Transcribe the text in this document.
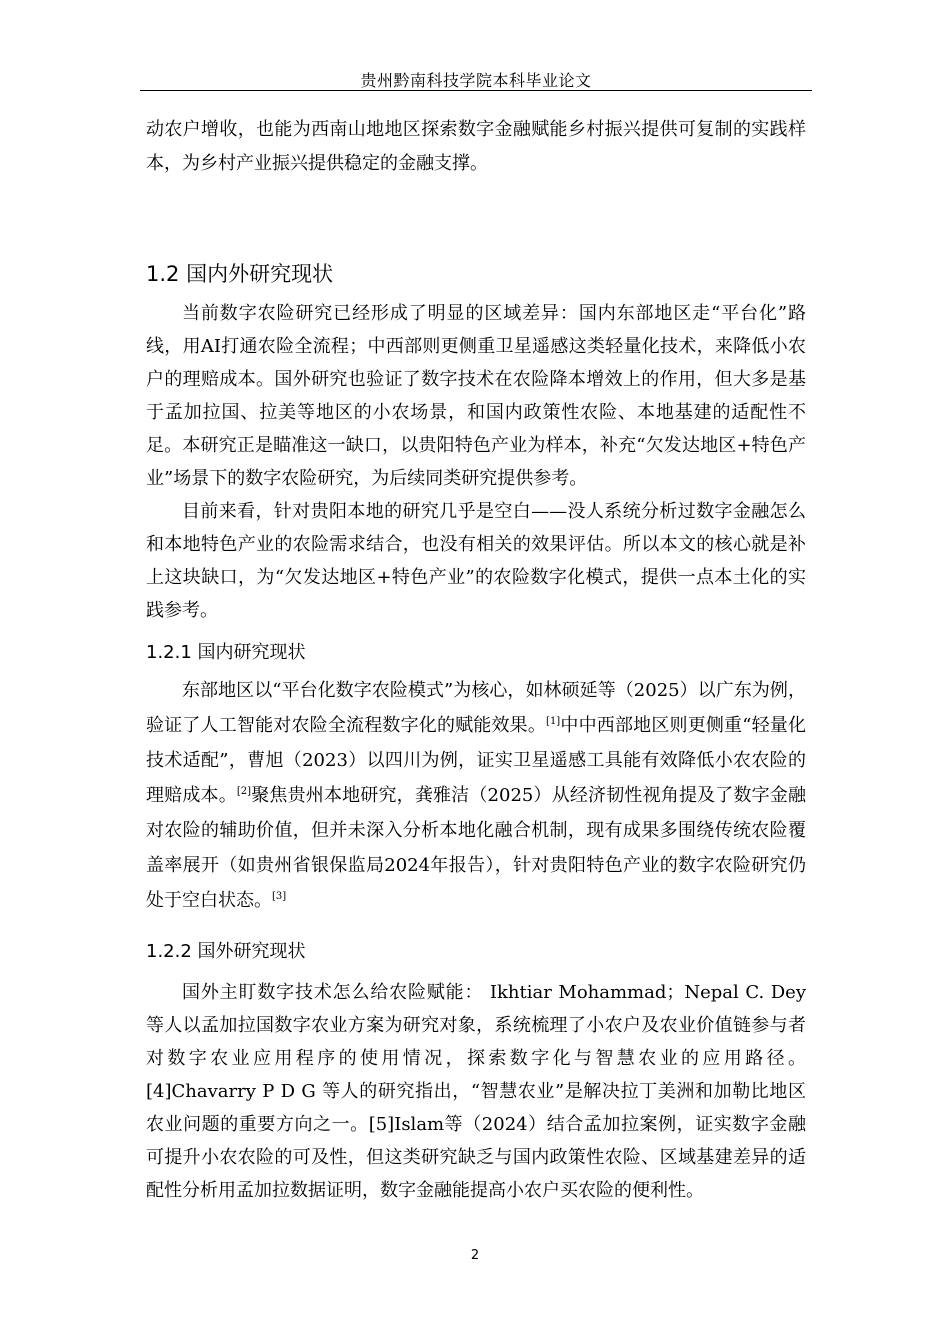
贵州黔南科技学院本科毕业论文

动农户增收，也能为西南山地地区探索数字金融赋能乡村振兴提供可复制的实践样本，为乡村产业振兴提供稳定的金融支撑。

1.2 国内外研究现状

当前数字农险研究已经形成了明显的区域差异：国内东部地区走“平台化”路线，用AI打通农险全流程；中西部则更侧重卫星遥感这类轻量化技术，来降低小农户的理赔成本。国外研究也验证了数字技术在农险降本增效上的作用，但大多是基于孟加拉国、拉美等地区的小农场景，和国内政策性农险、本地基建的适配性不足。本研究正是瞄准这一缺口，以贵阳特色产业为样本，补充“欠发达地区+特色产业”场景下的数字农险研究，为后续同类研究提供参考。

目前来看，针对贵阳本地的研究几乎是空白——没人系统分析过数字金融怎么和本地特色产业的农险需求结合，也没有相关的效果评估。所以本文的核心就是补上这块缺口，为“欠发达地区+特色产业”的农险数字化模式，提供一点本土化的实践参考。

1.2.1 国内研究现状

东部地区以“平台化数字农险模式”为核心，如林硕延等（2025）以广东为例，验证了人工智能对农险全流程数字化的赋能效果。[1]中中西部地区则更侧重“轻量化技术适配”，曹旭（2023）以四川为例，证实卫星遥感工具能有效降低小农农险的理赔成本。[2]聚焦贵州本地研究，龚雅洁（2025）从经济韧性视角提及了数字金融对农险的辅助价值，但并未深入分析本地化融合机制，现有成果多围绕传统农险覆盖率展开（如贵州省银保监局2024年报告），针对贵阳特色产业的数字农险研究仍处于空白状态。[3]

1.2.2 国外研究现状

国外主盯数字技术怎么给农险赋能： Ikhtiar Mohammad；Nepal C. Dey等人以孟加拉国数字农业方案为研究对象，系统梳理了小农户及农业价值链参与者对数字农业应用程序的使用情况，探索数字化与智慧农业的应用路径。[4]Chavarry P D G 等人的研究指出，“智慧农业”是解决拉丁美洲和加勒比地区农业问题的重要方向之一。[5]Islam等（2024）结合孟加拉案例，证实数字金融可提升小农农险的可及性，但这类研究缺乏与国内政策性农险、区域基建差异的适配性分析用孟加拉数据证明，数字金融能提高小农户买农险的便利性。

2
